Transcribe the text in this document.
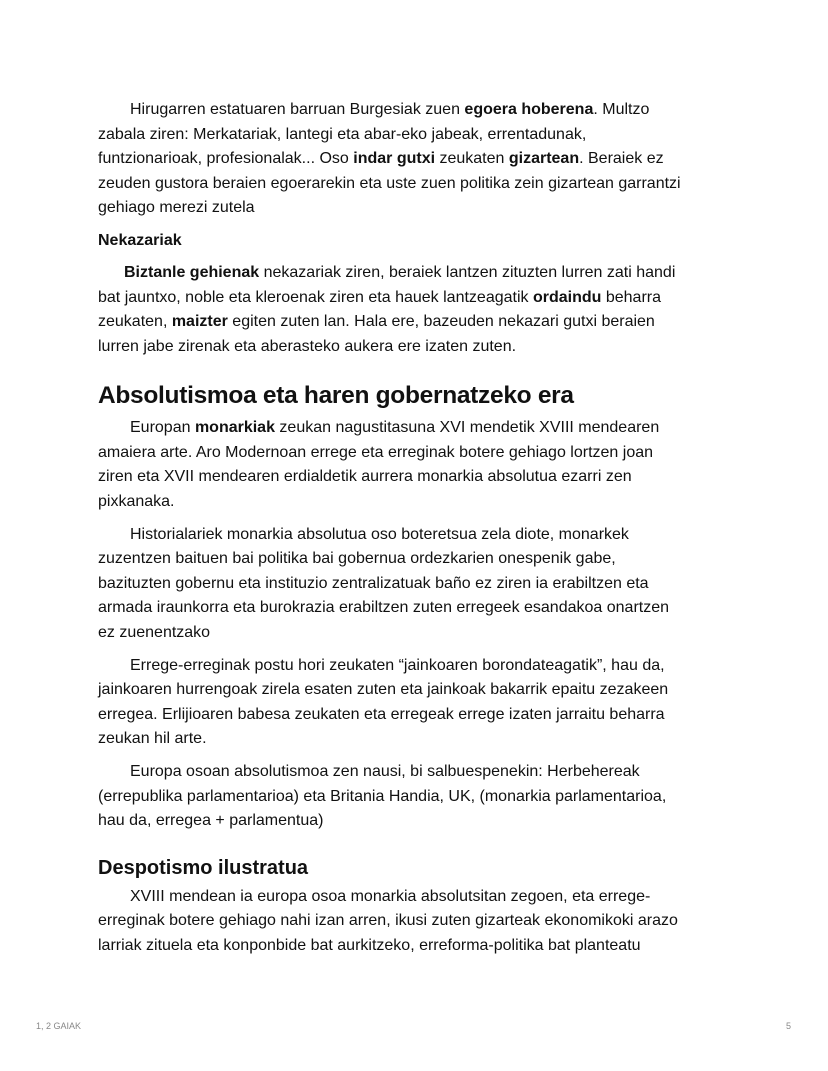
Hirugarren estatuaren barruan Burgesiak zuen egoera hoberena. Multzo
zabala ziren: Merkatariak, lantegi eta abar-eko jabeak, errentadunak,
funtzionarioak, profesionalak... Oso indar gutxi zeukaten gizartean. Beraiek ez
zeuden gustora beraien egoerarekin eta uste zuen politika zein gizartean garrantzi
gehiago merezi zutela

Nekazariak

Biztanle gehienak nekazariak ziren, beraiek lantzen zituzten lurren zati handi
bat jauntxo, noble eta kleroenak ziren eta hauek lantzeagatik ordaindu beharra
zeukaten, maizter egiten zuten lan. Hala ere, bazeuden nekazari gutxi beraien
lurren jabe zirenak eta aberasteko aukera ere izaten zuten.

Absolutismoa eta haren gobernatzeko era

Europan monarkiak zeukan nagustitasuna XVI mendetik XVIII mendearen
amaiera arte. Aro Modernoan errege eta erreginak botere gehiago lortzen joan
ziren eta XVII mendearen erdialdetik aurrera monarkia absolutua ezarri zen
pixkanaka.

Historialariek monarkia absolutua oso boteretsua zela diote, monarkek
zuzentzen baituen bai politika bai gobernua ordezkarien onespenik gabe,
bazituzten gobernu eta instituzio zentralizatuak baño ez ziren ia erabiltzen eta
armada iraunkorra eta burokrazia erabiltzen zuten erregeek esandakoa onartzen
ez zuenentzako

Errege-erreginak postu hori zeukaten “jainkoaren borondateagatik”, hau da,
jainkoaren hurrengoak zirela esaten zuten eta jainkoak bakarrik epaitu zezakeen
erregea. Erlijioaren babesa zeukaten eta erregeak errege izaten jarraitu beharra
zeukan hil arte.

Europa osoan absolutismoa zen nausi, bi salbuespenekin: Herbehereak
(errepublika parlamentarioa) eta Britania Handia, UK, (monarkia parlamentarioa,
hau da, erregea + parlamentua)

Despotismo ilustratua

XVIII mendean ia europa osoa monarkia absolutsitan zegoen, eta errege-
erreginak botere gehiago nahi izan arren, ikusi zuten gizarteak ekonomikoki arazo
larriak zituela eta konponbide bat aurkitzeko, erreforma-politika bat planteatu

1, 2 GAIAK	5
